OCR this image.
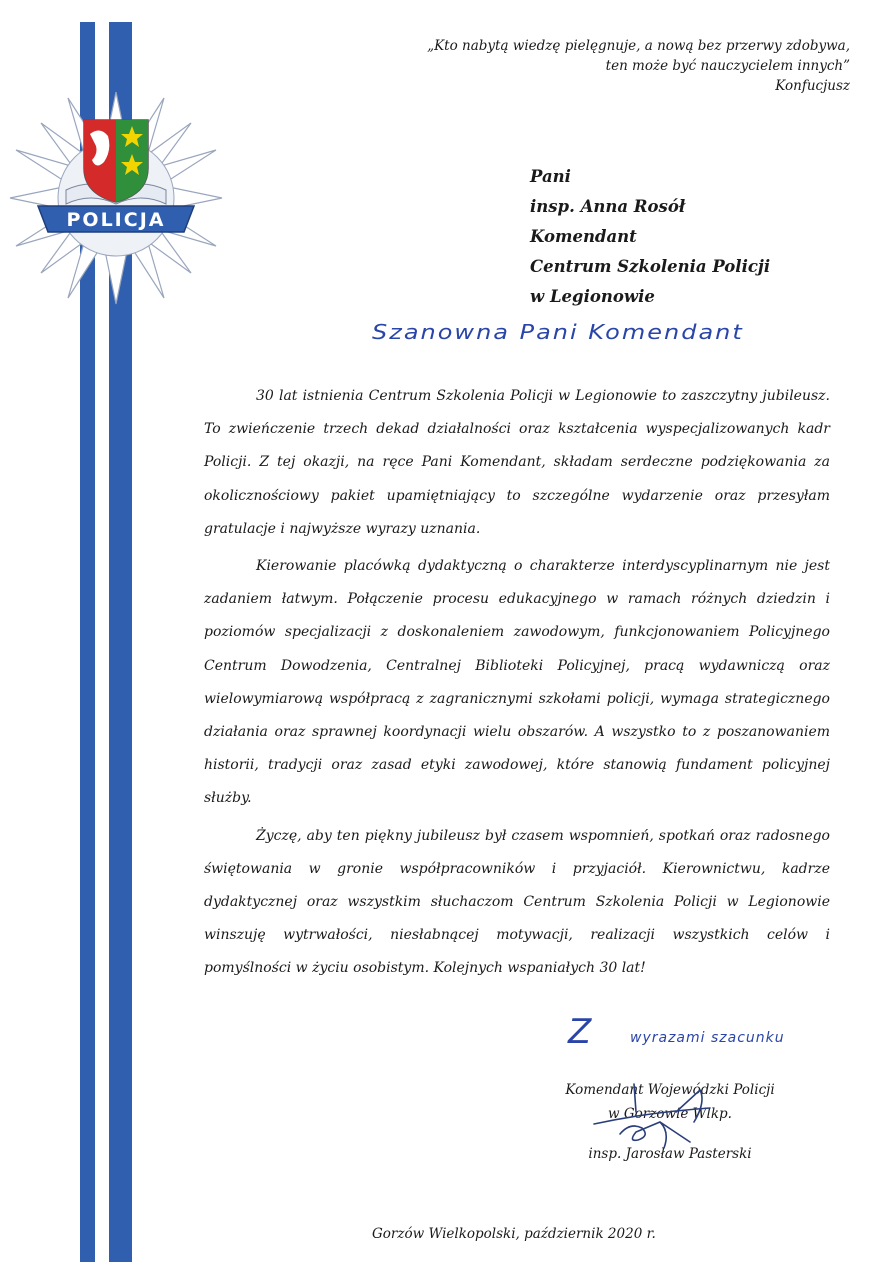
POLICJA
„Kto nabytą wiedzę pielęgnuje, a nową bez przerwy zdobywa,
ten może być nauczycielem innych”
Konfucjusz
Pani
insp. Anna Rosół
Komendant
Centrum Szkolenia Policji
w Legionowie
Szanowna Pani Komendant

30 lat istnienia Centrum Szkolenia Policji w Legionowie to zaszczytny jubileusz. To zwieńczenie trzech dekad działalności oraz kształcenia wyspecjalizowanych kadr Policji. Z tej okazji, na ręce Pani Komendant, składam serdeczne podziękowania za okolicznościowy pakiet upamiętniający to szczególne wydarzenie oraz przesyłam gratulacje i najwyższe wyrazy uznania.

Kierowanie placówką dydaktyczną o charakterze interdyscyplinarnym nie jest zadaniem łatwym. Połączenie procesu edukacyjnego w ramach różnych dziedzin i poziomów specjalizacji z doskonaleniem zawodowym, funkcjonowaniem Policyjnego Centrum Dowodzenia, Centralnej Biblioteki Policyjnej, pracą wydawniczą oraz wielowymiarową współpracą z zagranicznymi szkołami policji, wymaga strategicznego działania oraz sprawnej koordynacji wielu obszarów. A wszystko to z poszanowaniem historii, tradycji oraz zasad etyki zawodowej, które stanowią fundament policyjnej służby.

Życzę, aby ten piękny jubileusz był czasem wspomnień, spotkań oraz radosnego świętowania w gronie współpracowników i przyjaciół. Kierownictwu, kadrze dydaktycznej oraz wszystkim słuchaczom Centrum Szkolenia Policji w Legionowie winszuję wytrwałości, niesłabnącej motywacji, realizacji wszystkich celów i pomyślności w życiu osobistym. Kolejnych wspaniałych 30 lat!

Z	wyrazami szacunku
Komendant Wojewódzki Policji
w Gorzowie Wlkp.
insp. Jarosław Pasterski
Gorzów Wielkopolski, październik 2020 r.
